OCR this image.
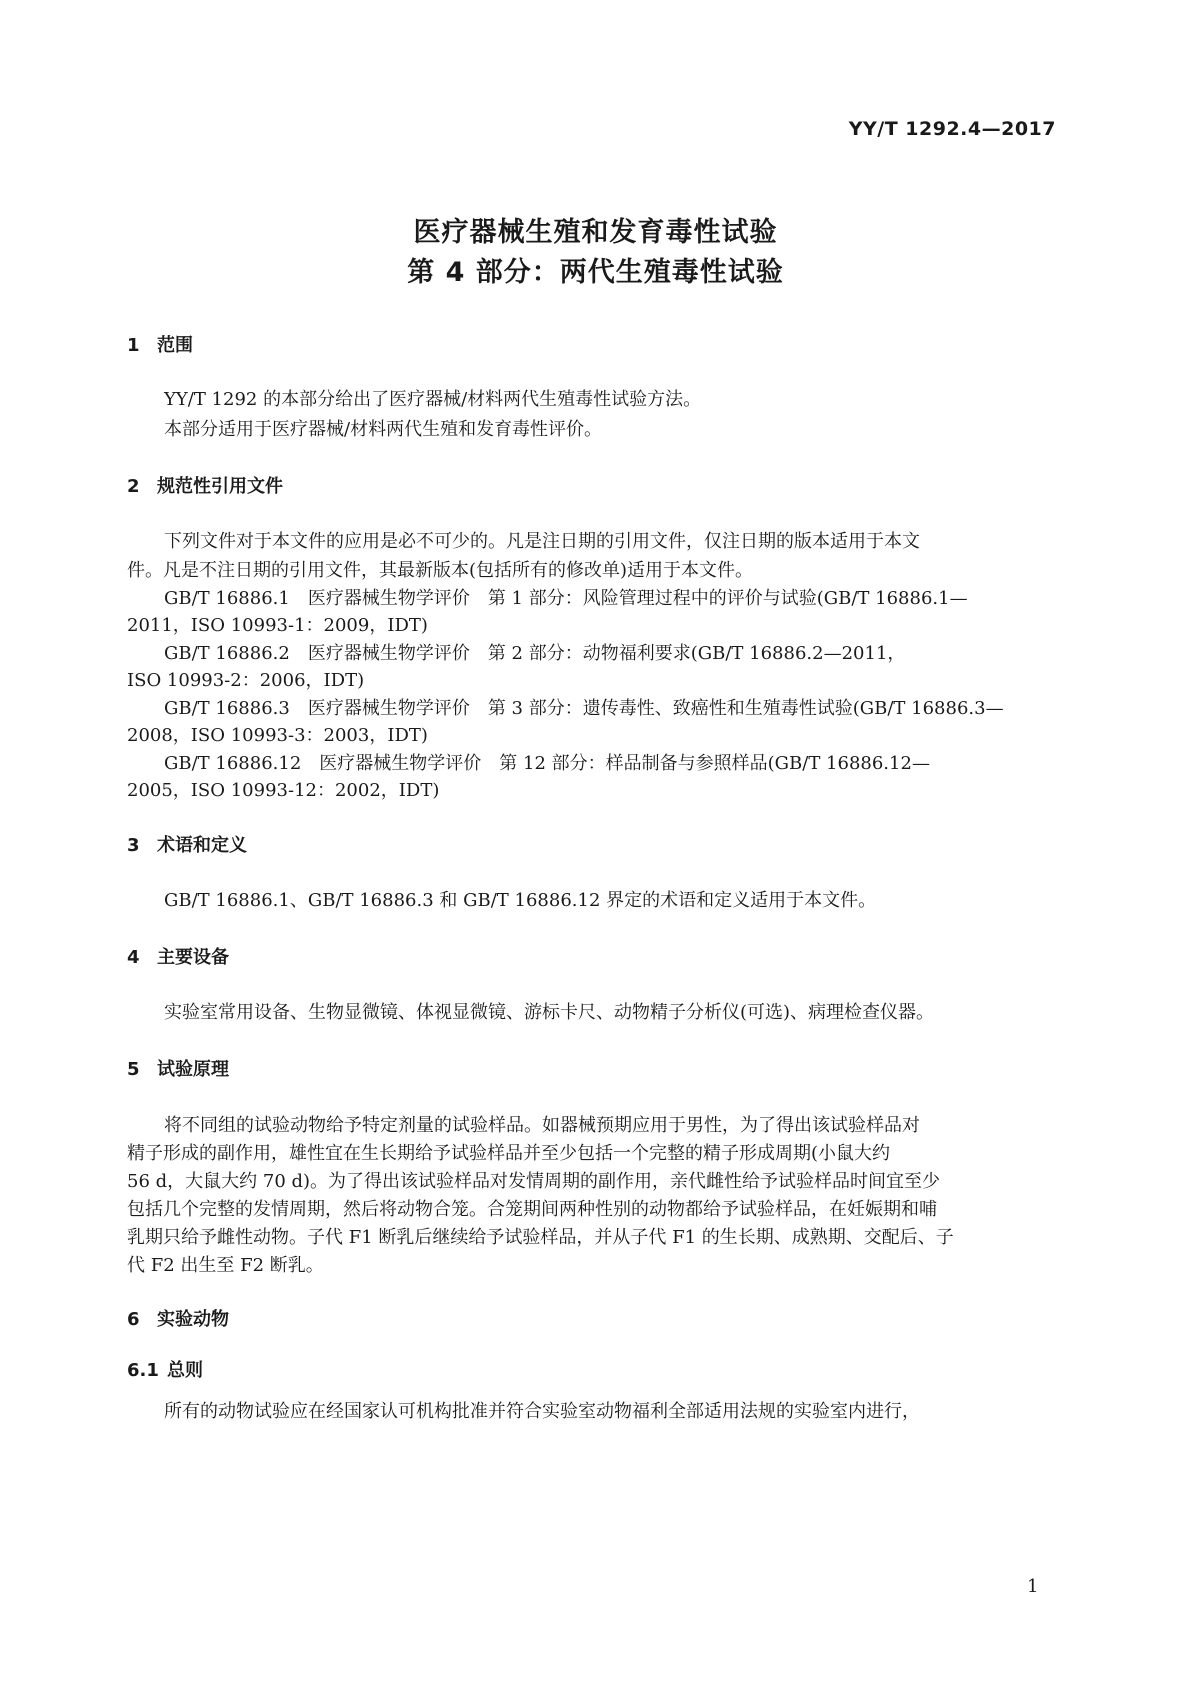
YY/T 1292.4—2017
医疗器械生殖和发育毒性试验
第 4 部分：两代生殖毒性试验
1 范围
YY/T 1292 的本部分给出了医疗器械/材料两代生殖毒性试验方法。
本部分适用于医疗器械/材料两代生殖和发育毒性评价。
2 规范性引用文件
下列文件对于本文件的应用是必不可少的。凡是注日期的引用文件，仅注日期的版本适用于本文
件。凡是不注日期的引用文件，其最新版本(包括所有的修改单)适用于本文件。
GB/T 16886.1　医疗器械生物学评价　第 1 部分：风险管理过程中的评价与试验(GB/T 16886.1—
2011，ISO 10993-1：2009，IDT)
GB/T 16886.2　医疗器械生物学评价　第 2 部分：动物福利要求(GB/T 16886.2—2011，
ISO 10993-2：2006，IDT)
GB/T 16886.3　医疗器械生物学评价　第 3 部分：遗传毒性、致癌性和生殖毒性试验(GB/T 16886.3—
2008，ISO 10993-3：2003，IDT)
GB/T 16886.12　医疗器械生物学评价　第 12 部分：样品制备与参照样品(GB/T 16886.12—
2005，ISO 10993-12：2002，IDT)
3 术语和定义
GB/T 16886.1、GB/T 16886.3 和 GB/T 16886.12 界定的术语和定义适用于本文件。
4 主要设备
实验室常用设备、生物显微镜、体视显微镜、游标卡尺、动物精子分析仪(可选)、病理检查仪器。
5 试验原理
将不同组的试验动物给予特定剂量的试验样品。如器械预期应用于男性，为了得出该试验样品对
精子形成的副作用，雄性宜在生长期给予试验样品并至少包括一个完整的精子形成周期(小鼠大约
56 d，大鼠大约 70 d)。为了得出该试验样品对发情周期的副作用，亲代雌性给予试验样品时间宜至少
包括几个完整的发情周期，然后将动物合笼。合笼期间两种性别的动物都给予试验样品，在妊娠期和哺
乳期只给予雌性动物。子代 F1 断乳后继续给予试验样品，并从子代 F1 的生长期、成熟期、交配后、子
代 F2 出生至 F2 断乳。
6 实验动物
6.1 总则
所有的动物试验应在经国家认可机构批准并符合实验室动物福利全部适用法规的实验室内进行，
1
